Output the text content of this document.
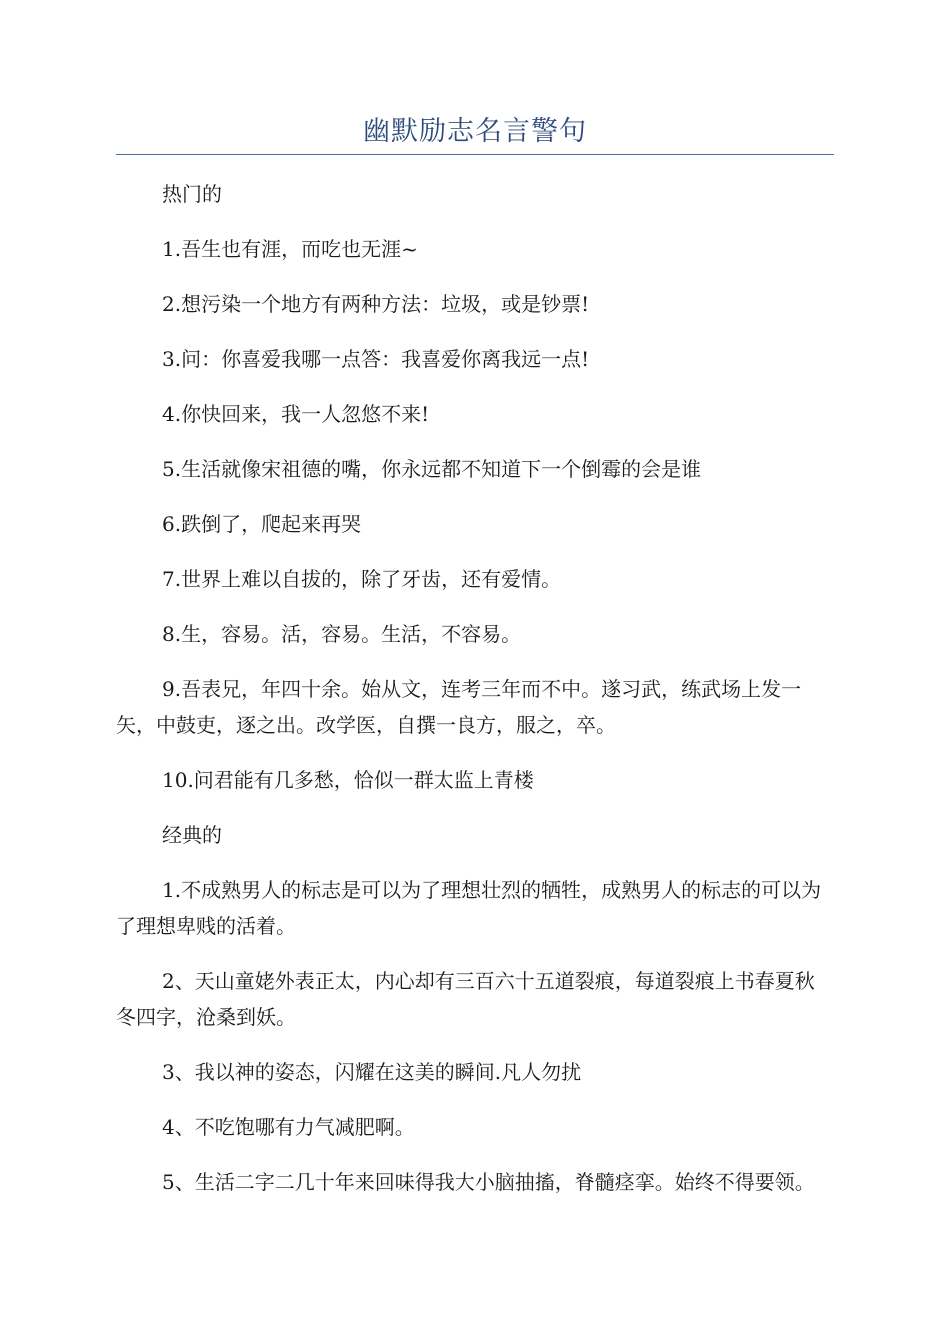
幽默励志名言警句

热门的

1.吾生也有涯，而吃也无涯~

2.想污染一个地方有两种方法：垃圾，或是钞票!

3.问：你喜爱我哪一点答：我喜爱你离我远一点!

4.你快回来，我一人忽悠不来!

5.生活就像宋祖德的嘴，你永远都不知道下一个倒霉的会是谁

6.跌倒了，爬起来再哭

7.世界上难以自拔的，除了牙齿，还有爱情。

8.生，容易。活，容易。生活，不容易。

9.吾表兄，年四十余。始从文，连考三年而不中。遂习武，练武场上发一矢，中鼓吏，逐之出。改学医，自撰一良方，服之，卒。

10.问君能有几多愁，恰似一群太监上青楼

经典的

1.不成熟男人的标志是可以为了理想壮烈的牺牲，成熟男人的标志的可以为了理想卑贱的活着。

2、天山童姥外表正太，内心却有三百六十五道裂痕，每道裂痕上书春夏秋冬四字，沧桑到妖。

3、我以神的姿态，闪耀在这美的瞬间.凡人勿扰

4、不吃饱哪有力气减肥啊。

5、生活二字二几十年来回味得我大小脑抽搐，脊髓痉挛。始终不得要领。
